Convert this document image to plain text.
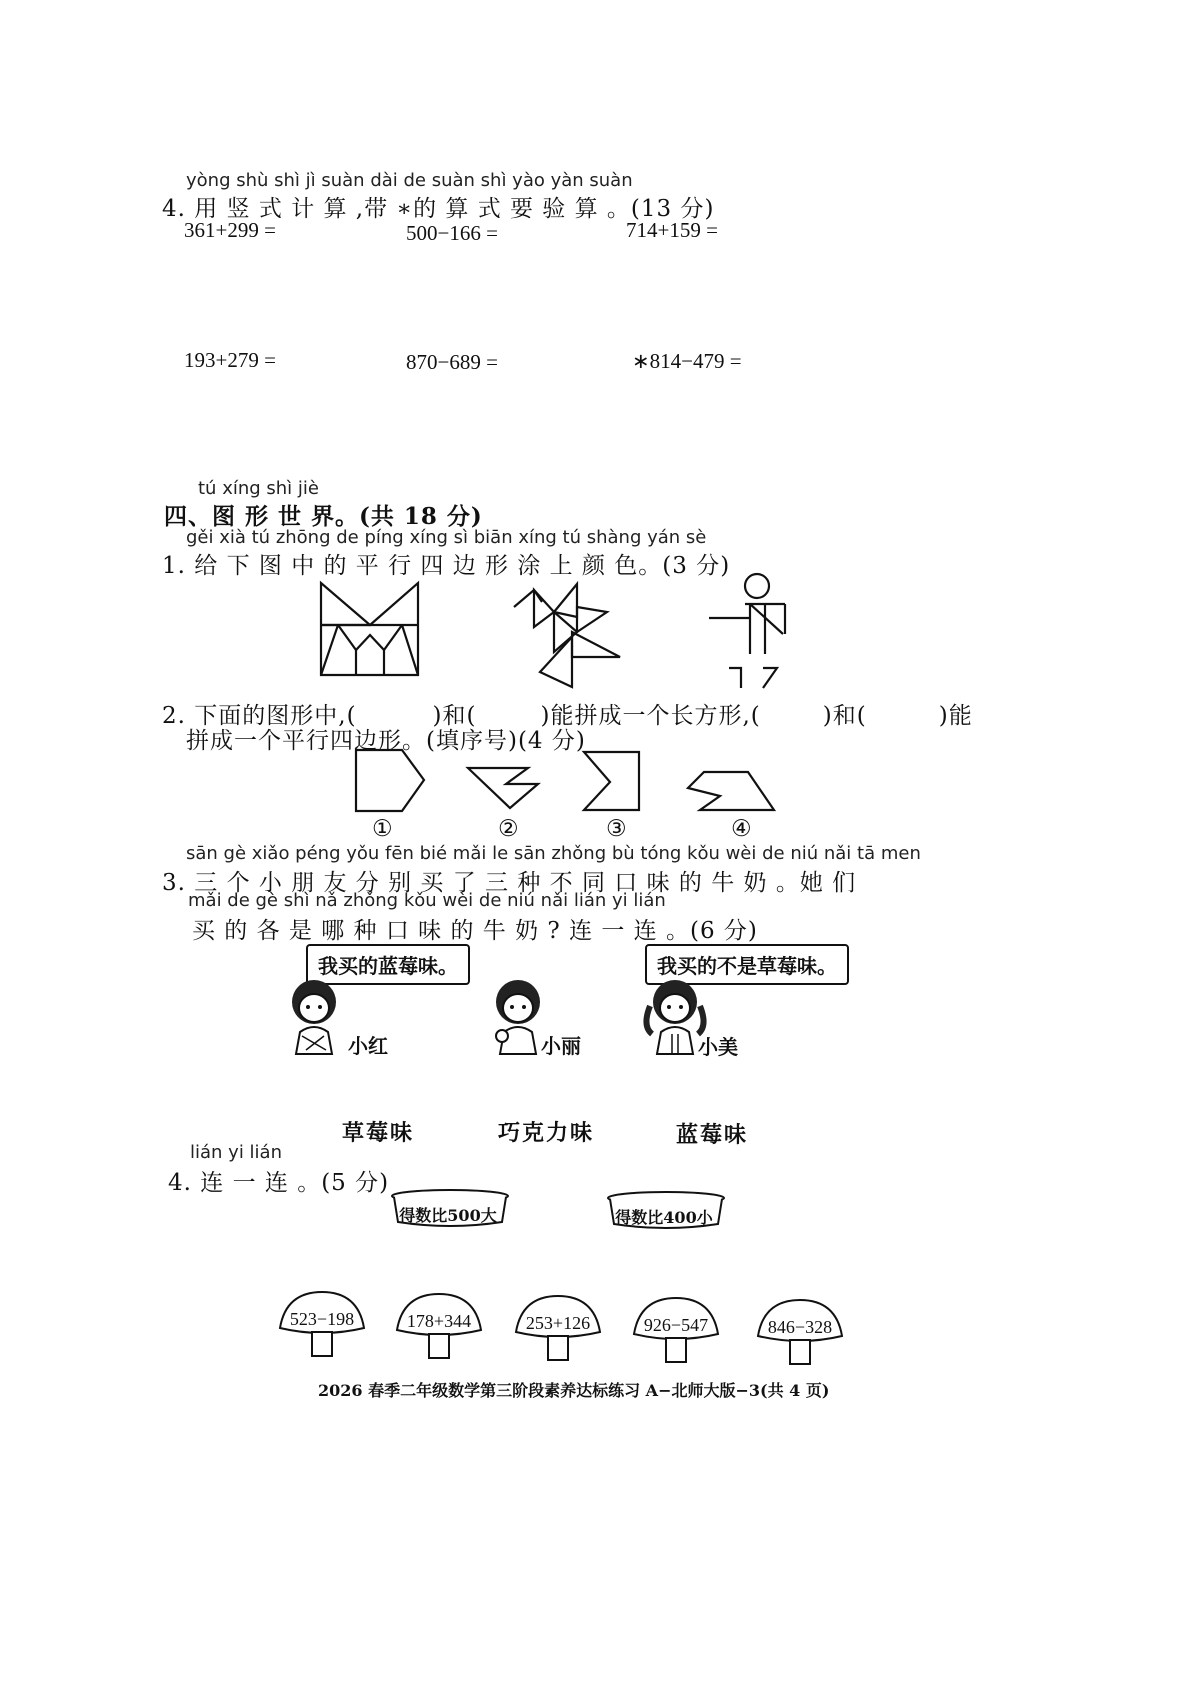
yòng shù shì jì suàn dài de suàn shì yào yàn suàn
4. 用 竖 式 计 算 ,带 ∗的 算 式 要 验 算 。(13 分)
361+299 =	500−166 =	714+159 =
193+279 =	870−689 =	∗814−479 =
tú xíng shì jiè
四、图 形 世 界。(共 18 分)
gěi xià tú zhōng de píng xíng sì biān xíng tú shàng yán sè
1. 给 下 图 中 的 平 行 四 边 形 涂 上 颜 色。(3 分)
2. 下面的图形中,(	)和(	)能拼成一个长方形,(	)和(	)能
拼成一个平行四边形。(填序号)(4 分)
①	②	③	④
sān gè xiǎo péng yǒu fēn bié mǎi le sān zhǒng bù tóng kǒu wèi de niú nǎi tā men
3. 三 个 小 朋 友 分 别 买 了 三 种 不 同 口 味 的 牛 奶 。她 们
mǎi de gè shì nǎ zhǒng kǒu wèi de niú nǎi lián yi lián
买 的 各 是 哪 种 口 味 的 牛 奶 ? 连 一 连 。(6 分)
我买的蓝莓味。	我买的不是草莓味。
小红	小丽	小美
草莓味	巧克力味	蓝莓味
lián yi lián
4. 连 一 连 。(5 分)
得数比500大	得数比400小
523−198	178+344	253+126	926−547	846−328
2026 春季二年级数学第三阶段素养达标练习 A−北师大版−3(共 4 页)
